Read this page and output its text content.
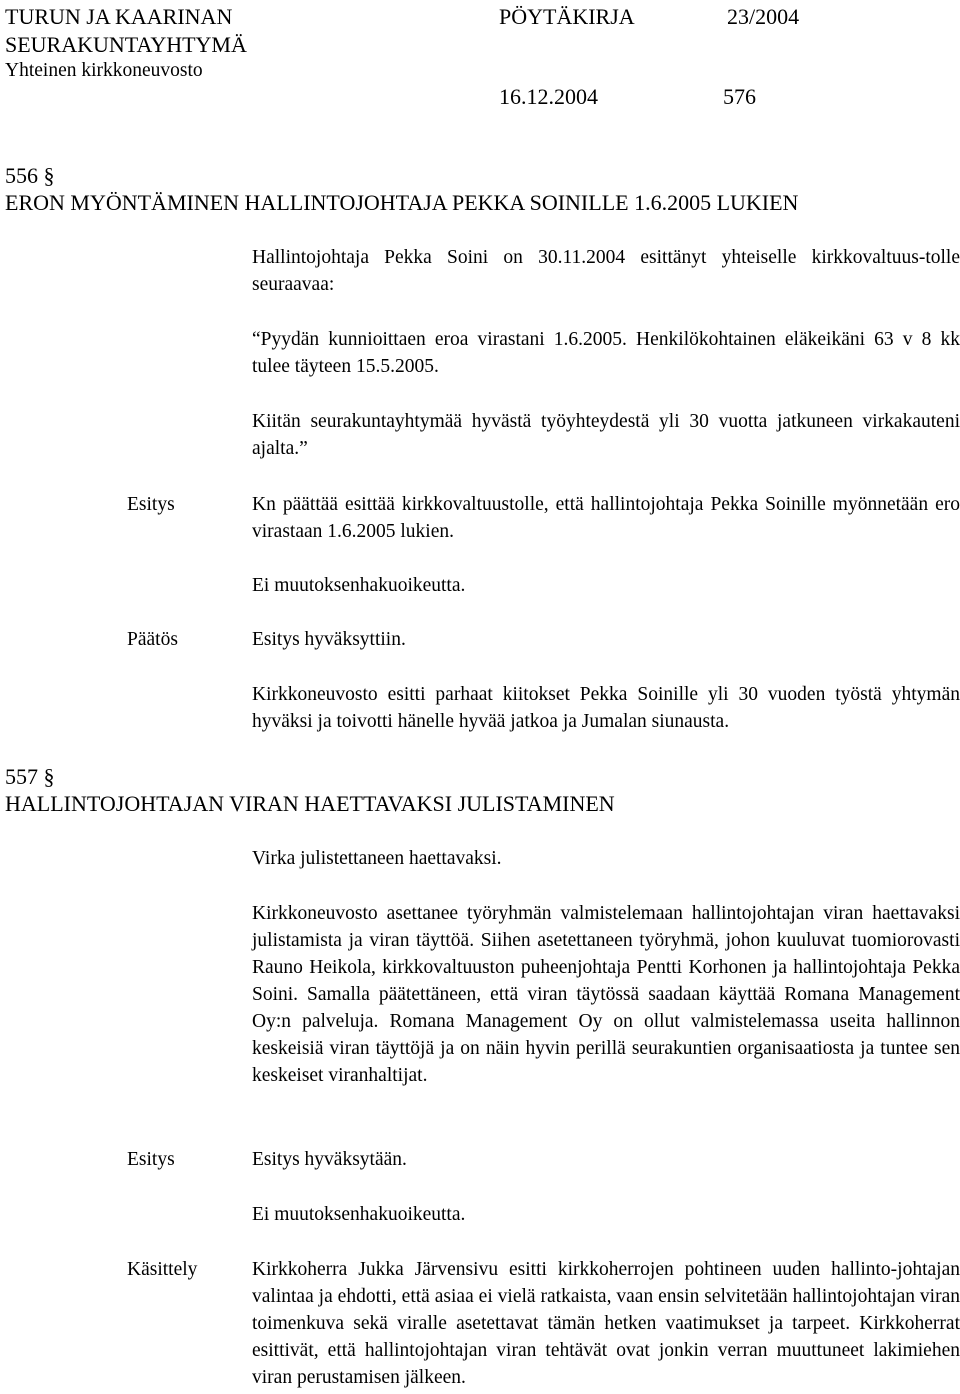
TURUN JA KAARINAN
SEURAKUNTAYHTYMÄ
Yhteinen kirkkoneuvosto
PÖYTÄKIRJA	23/2004
16.12.2004	576
556 §
ERON MYÖNTÄMINEN HALLINTOJOHTAJA PEKKA SOINILLE 1.6.2005 LUKIEN

Hallintojohtaja Pekka Soini on 30.11.2004 esittänyt yhteiselle kirkkovaltuus-tolle seuraavaa:

“Pyydän kunnioittaen eroa virastani 1.6.2005. Henkilökohtainen eläkeikäni 63 v 8 kk tulee täyteen 15.5.2005.

Kiitän seurakuntayhtymää hyvästä työyhteydestä yli 30 vuotta jatkuneen virkakauteni ajalta.”

Esitys	Kn päättää esittää kirkkovaltuustolle, että hallintojohtaja Pekka Soinille myönnetään ero virastaan 1.6.2005 lukien.

Ei muutoksenhakuoikeutta.

Päätös	Esitys hyväksyttiin.

Kirkkoneuvosto esitti parhaat kiitokset Pekka Soinille yli 30 vuoden työstä yhtymän hyväksi ja toivotti hänelle hyvää jatkoa ja Jumalan siunausta.

557 §
HALLINTOJOHTAJAN VIRAN HAETTAVAKSI JULISTAMINEN

Virka julistettaneen haettavaksi.

Kirkkoneuvosto asettanee työryhmän valmistelemaan hallintojohtajan viran haettavaksi julistamista ja viran täyttöä. Siihen asetettaneen työryhmä, johon kuuluvat tuomiorovasti Rauno Heikola, kirkkovaltuuston puheenjohtaja Pentti Korhonen ja hallintojohtaja Pekka Soini. Samalla päätettäneen, että viran täytössä saadaan käyttää Romana Management Oy:n palveluja. Romana Management Oy on ollut valmistelemassa useita hallinnon keskeisiä viran täyttöjä ja on näin hyvin perillä seurakuntien organisaatiosta ja tuntee sen keskeiset viranhaltijat.

Esitys	Esitys hyväksytään.

Ei muutoksenhakuoikeutta.

Käsittely	Kirkkoherra Jukka Järvensivu esitti kirkkoherrojen pohtineen uuden hallinto-johtajan valintaa ja ehdotti, että asiaa ei vielä ratkaista, vaan ensin selvitetään hallintojohtajan viran toimenkuva sekä viralle asetettavat tämän hetken vaatimukset ja tarpeet. Kirkkoherrat esittivät, että hallintojohtajan viran tehtävät ovat jonkin verran muuttuneet lakimiehen viran perustamisen jälkeen.
